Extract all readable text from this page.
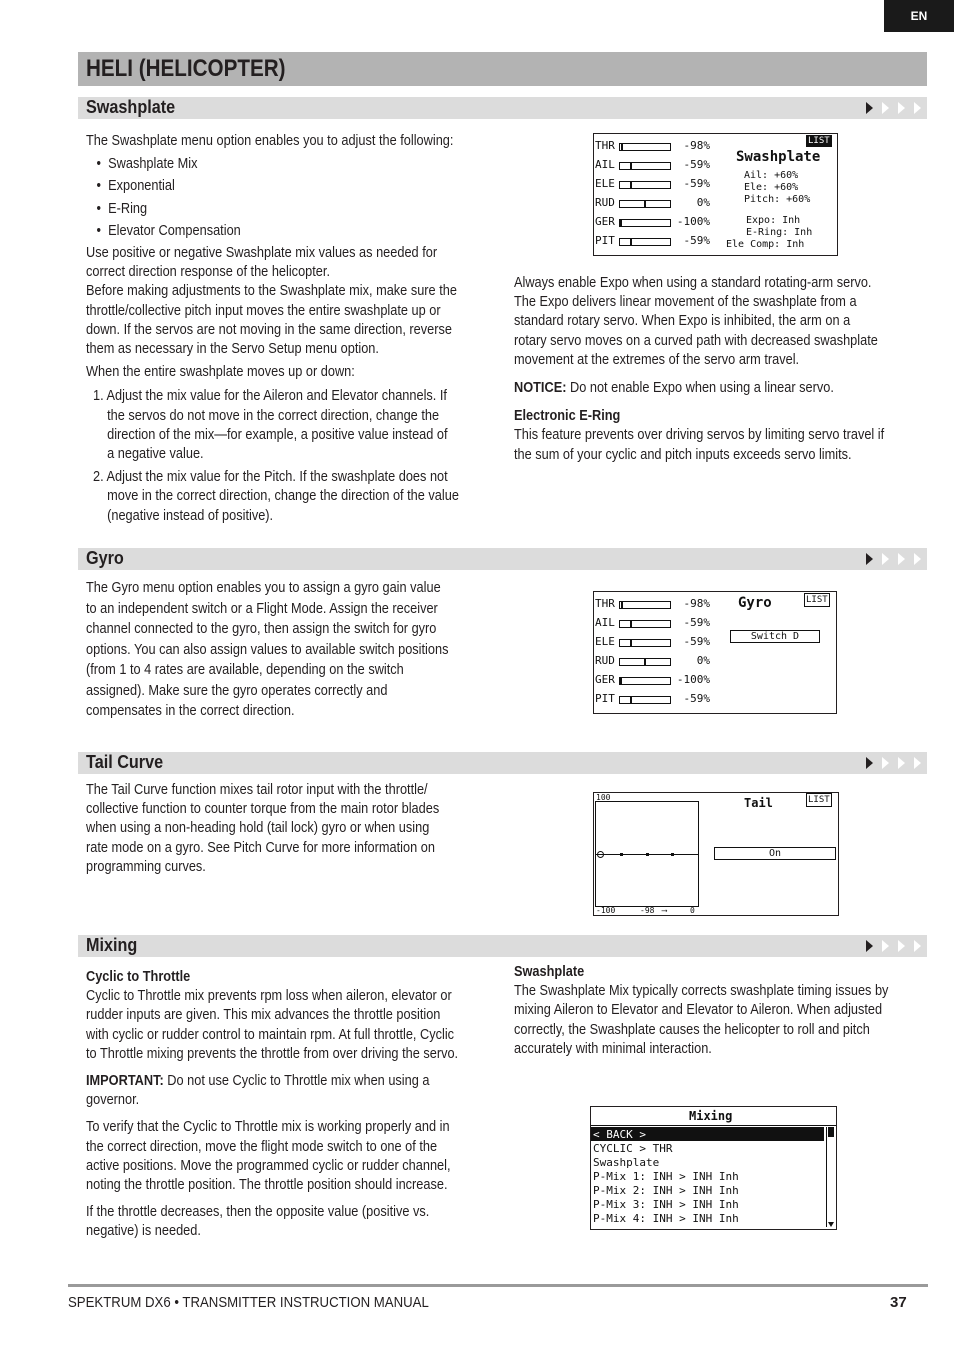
EN
HELI (HELICOPTER)
Swashplate

The Swashplate menu option enables you to adjust the following:

•  Swashplate Mix

•  Exponential

•  E-Ring

•  Elevator Compensation

Use positive or negative Swashplate mix values as needed for

correct direction response of the helicopter.

Before making adjustments to the Swashplate mix, make sure the

throttle/collective pitch input moves the entire swashplate up or

down. If the servos are not moving in the same direction, reverse

them as necessary in the Servo Setup menu option.

When the entire swashplate moves up or down:

1. Adjust the mix value for the Aileron and Elevator channels. If

the servos do not move in the correct direction, change the

direction of the mix—for example, a positive value instead of

a negative value.

2. Adjust the mix value for the Pitch. If the swashplate does not

move in the correct direction, change the direction of the value

(negative instead of positive).

THR	-98%
AIL	-59%
ELE	-59%
RUD	0%
GER	-100%
PIT	-59%
LIST
Swashplate
Ail: +60%
Ele: +60%
Pitch: +60%
Expo: Inh
E-Ring: Inh
Ele Comp: Inh

Always enable Expo when using a standard rotating-arm servo.

The Expo delivers linear movement of the swashplate from a

standard rotary servo. When Expo is inhibited, the arm on a

rotary servo moves on a curved path with decreased swashplate

movement at the extremes of the servo arm travel.

NOTICE: Do not enable Expo when using a linear servo.

Electronic E-Ring

This feature prevents over driving servos by limiting servo travel if

the sum of your cyclic and pitch inputs exceeds servo limits.

Gyro

The Gyro menu option enables you to assign a gyro gain value

to an independent switch or a Flight Mode. Assign the receiver

channel connected to the gyro, then assign the switch for gyro

options. You can also assign values to available switch positions

(from 1 to 4 rates are available, depending on the switch

assigned). Make sure the gyro operates correctly and

compensates in the correct direction.

THR	-98%
AIL	-59%
ELE	-59%
RUD	0%
GER	-100%
PIT	-59%
Gyro	LIST
Switch D
Tail Curve

The Tail Curve function mixes tail rotor input with the throttle/

collective function to counter torque from the main rotor blades

when using a non-heading hold (tail lock) gyro or when using

rate mode on a gyro. See Pitch Curve for more information on

programming curves.

100
-100	-98 ⟶	0
Tail	LIST
On
Mixing

Cyclic to Throttle

Cyclic to Throttle mix prevents rpm loss when aileron, elevator or

rudder inputs are given. This mix advances the throttle position

with cyclic or rudder control to maintain rpm. At full throttle, Cyclic

to Throttle mixing prevents the throttle from over driving the servo.

IMPORTANT: Do not use Cyclic to Throttle mix when using a

governor.

To verify that the Cyclic to Throttle mix is working properly and in

the correct direction, move the flight mode switch to one of the

active positions. Move the programmed cyclic or rudder channel,

noting the throttle position. The throttle position should increase.

If the throttle decreases, then the opposite value (positive vs.

negative) is needed.

Swashplate

The Swashplate Mix typically corrects swashplate timing issues by

mixing Aileron to Elevator and Elevator to Aileron. When adjusted

correctly, the Swashplate causes the helicopter to roll and pitch

accurately with minimal interaction.

Mixing
< BACK >
CYCLIC > THR
Swashplate
P-Mix 1: INH > INH Inh
P-Mix 2: INH > INH Inh
P-Mix 3: INH > INH Inh
P-Mix 4: INH > INH Inh
SPEKTRUM DX6 • TRANSMITTER INSTRUCTION MANUAL	37
